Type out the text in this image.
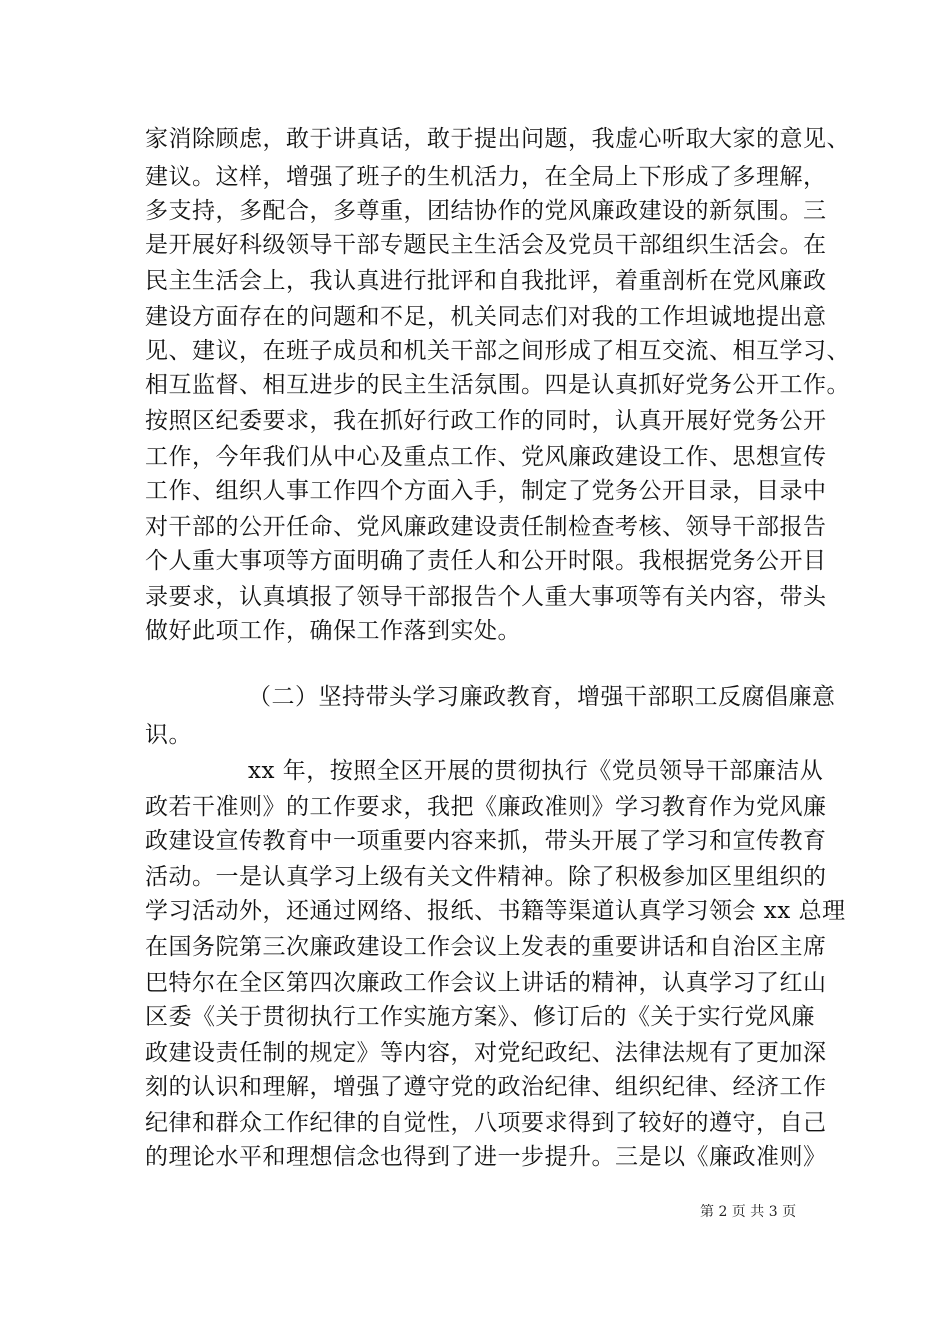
家消除顾虑，敢于讲真话，敢于提出问题，我虚心听取大家的意见、
建议。这样，增强了班子的生机活力，在全局上下形成了多理解，
多支持，多配合，多尊重，团结协作的党风廉政建设的新氛围。三
是开展好科级领导干部专题民主生活会及党员干部组织生活会。在
民主生活会上，我认真进行批评和自我批评，着重剖析在党风廉政
建设方面存在的问题和不足，机关同志们对我的工作坦诚地提出意
见、建议，在班子成员和机关干部之间形成了相互交流、相互学习、
相互监督、相互进步的民主生活氛围。四是认真抓好党务公开工作。
按照区纪委要求，我在抓好行政工作的同时，认真开展好党务公开
工作，今年我们从中心及重点工作、党风廉政建设工作、思想宣传
工作、组织人事工作四个方面入手，制定了党务公开目录，目录中
对干部的公开任命、党风廉政建设责任制检查考核、领导干部报告
个人重大事项等方面明确了责任人和公开时限。我根据党务公开目
录要求，认真填报了领导干部报告个人重大事项等有关内容，带头
做好此项工作，确保工作落到实处。
（二）坚持带头学习廉政教育，增强干部职工反腐倡廉意
识。
xx 年，按照全区开展的贯彻执行《党员领导干部廉洁从
政若干准则》的工作要求，我把《廉政准则》学习教育作为党风廉
政建设宣传教育中一项重要内容来抓，带头开展了学习和宣传教育
活动。一是认真学习上级有关文件精神。除了积极参加区里组织的
学习活动外，还通过网络、报纸、书籍等渠道认真学习领会 xx 总理
在国务院第三次廉政建设工作会议上发表的重要讲话和自治区主席
巴特尔在全区第四次廉政工作会议上讲话的精神，认真学习了红山
区委《关于贯彻执行工作实施方案》、修订后的《关于实行党风廉
政建设责任制的规定》等内容，对党纪政纪、法律法规有了更加深
刻的认识和理解，增强了遵守党的政治纪律、组织纪律、经济工作
纪律和群众工作纪律的自觉性，八项要求得到了较好的遵守，自己
的理论水平和理想信念也得到了进一步提升。三是以《廉政准则》
第 2 页 共 3 页
